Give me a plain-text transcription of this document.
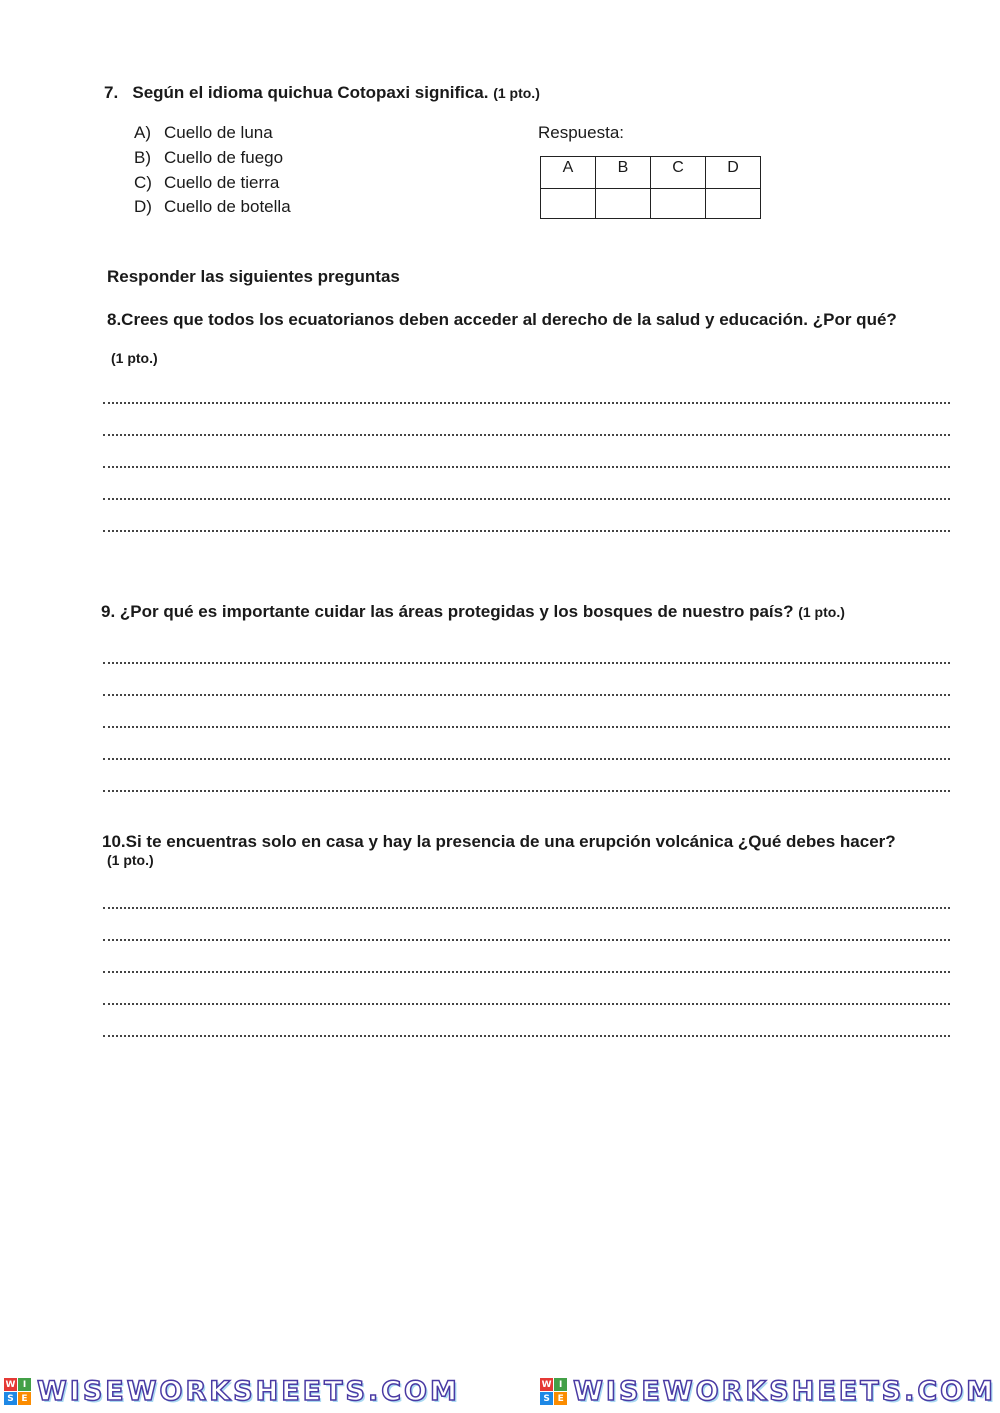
7. Según el idioma quichua Cotopaxi significa. (1 pto.)
A) Cuello de luna
B) Cuello de fuego
C) Cuello de tierra
D) Cuello de botella
Respuesta:
A	B	C	D

Responder las siguientes preguntas
8.Crees que todos los ecuatorianos deben acceder al derecho de la salud y educación. ¿Por qué?
(1 pto.)
9. ¿Por qué es importante cuidar las áreas protegidas y los bosques de nuestro país? (1 pto.)
10.Si te encuentras solo en casa y hay la presencia de una erupción volcánica ¿Qué debes hacer?
(1 pto.)
W I
S E WISEWORKSHEETS.COM	W I
S E WISEWORKSHEETS.COM
